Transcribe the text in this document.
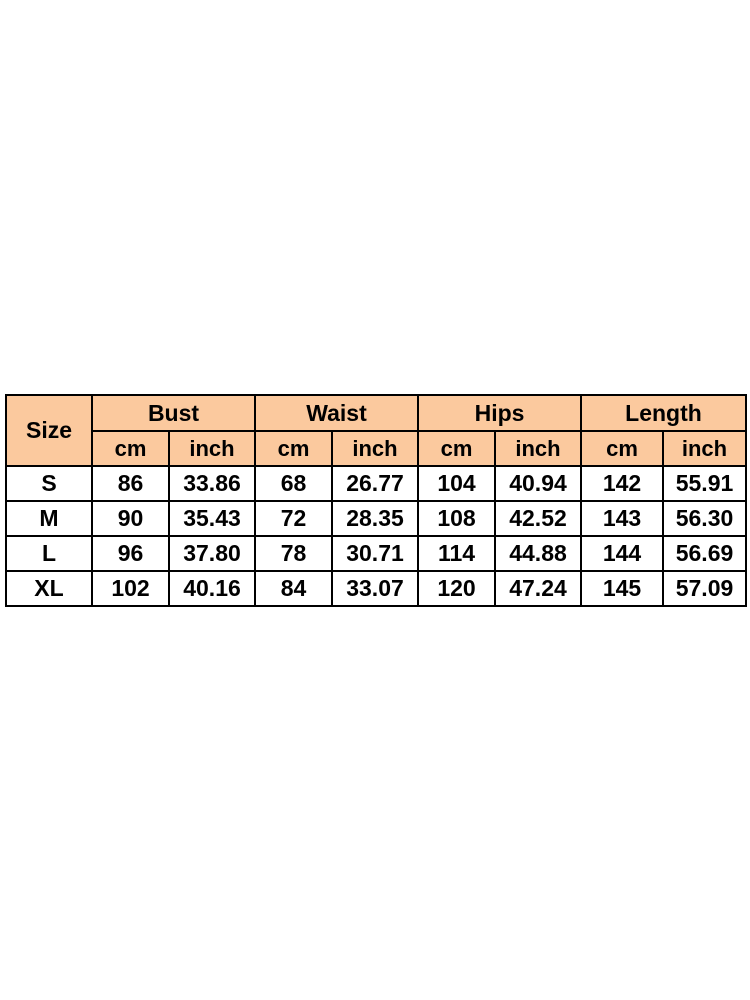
Size	Bust		Waist		Hips		Length	
	cm	inch	cm	inch	cm	inch	cm	inch
S	86	33.86	68	26.77	104	40.94	142	55.91
M	90	35.43	72	28.35	108	42.52	143	56.30
L	96	37.80	78	30.71	114	44.88	144	56.69
XL	102	40.16	84	33.07	120	47.24	145	57.09
